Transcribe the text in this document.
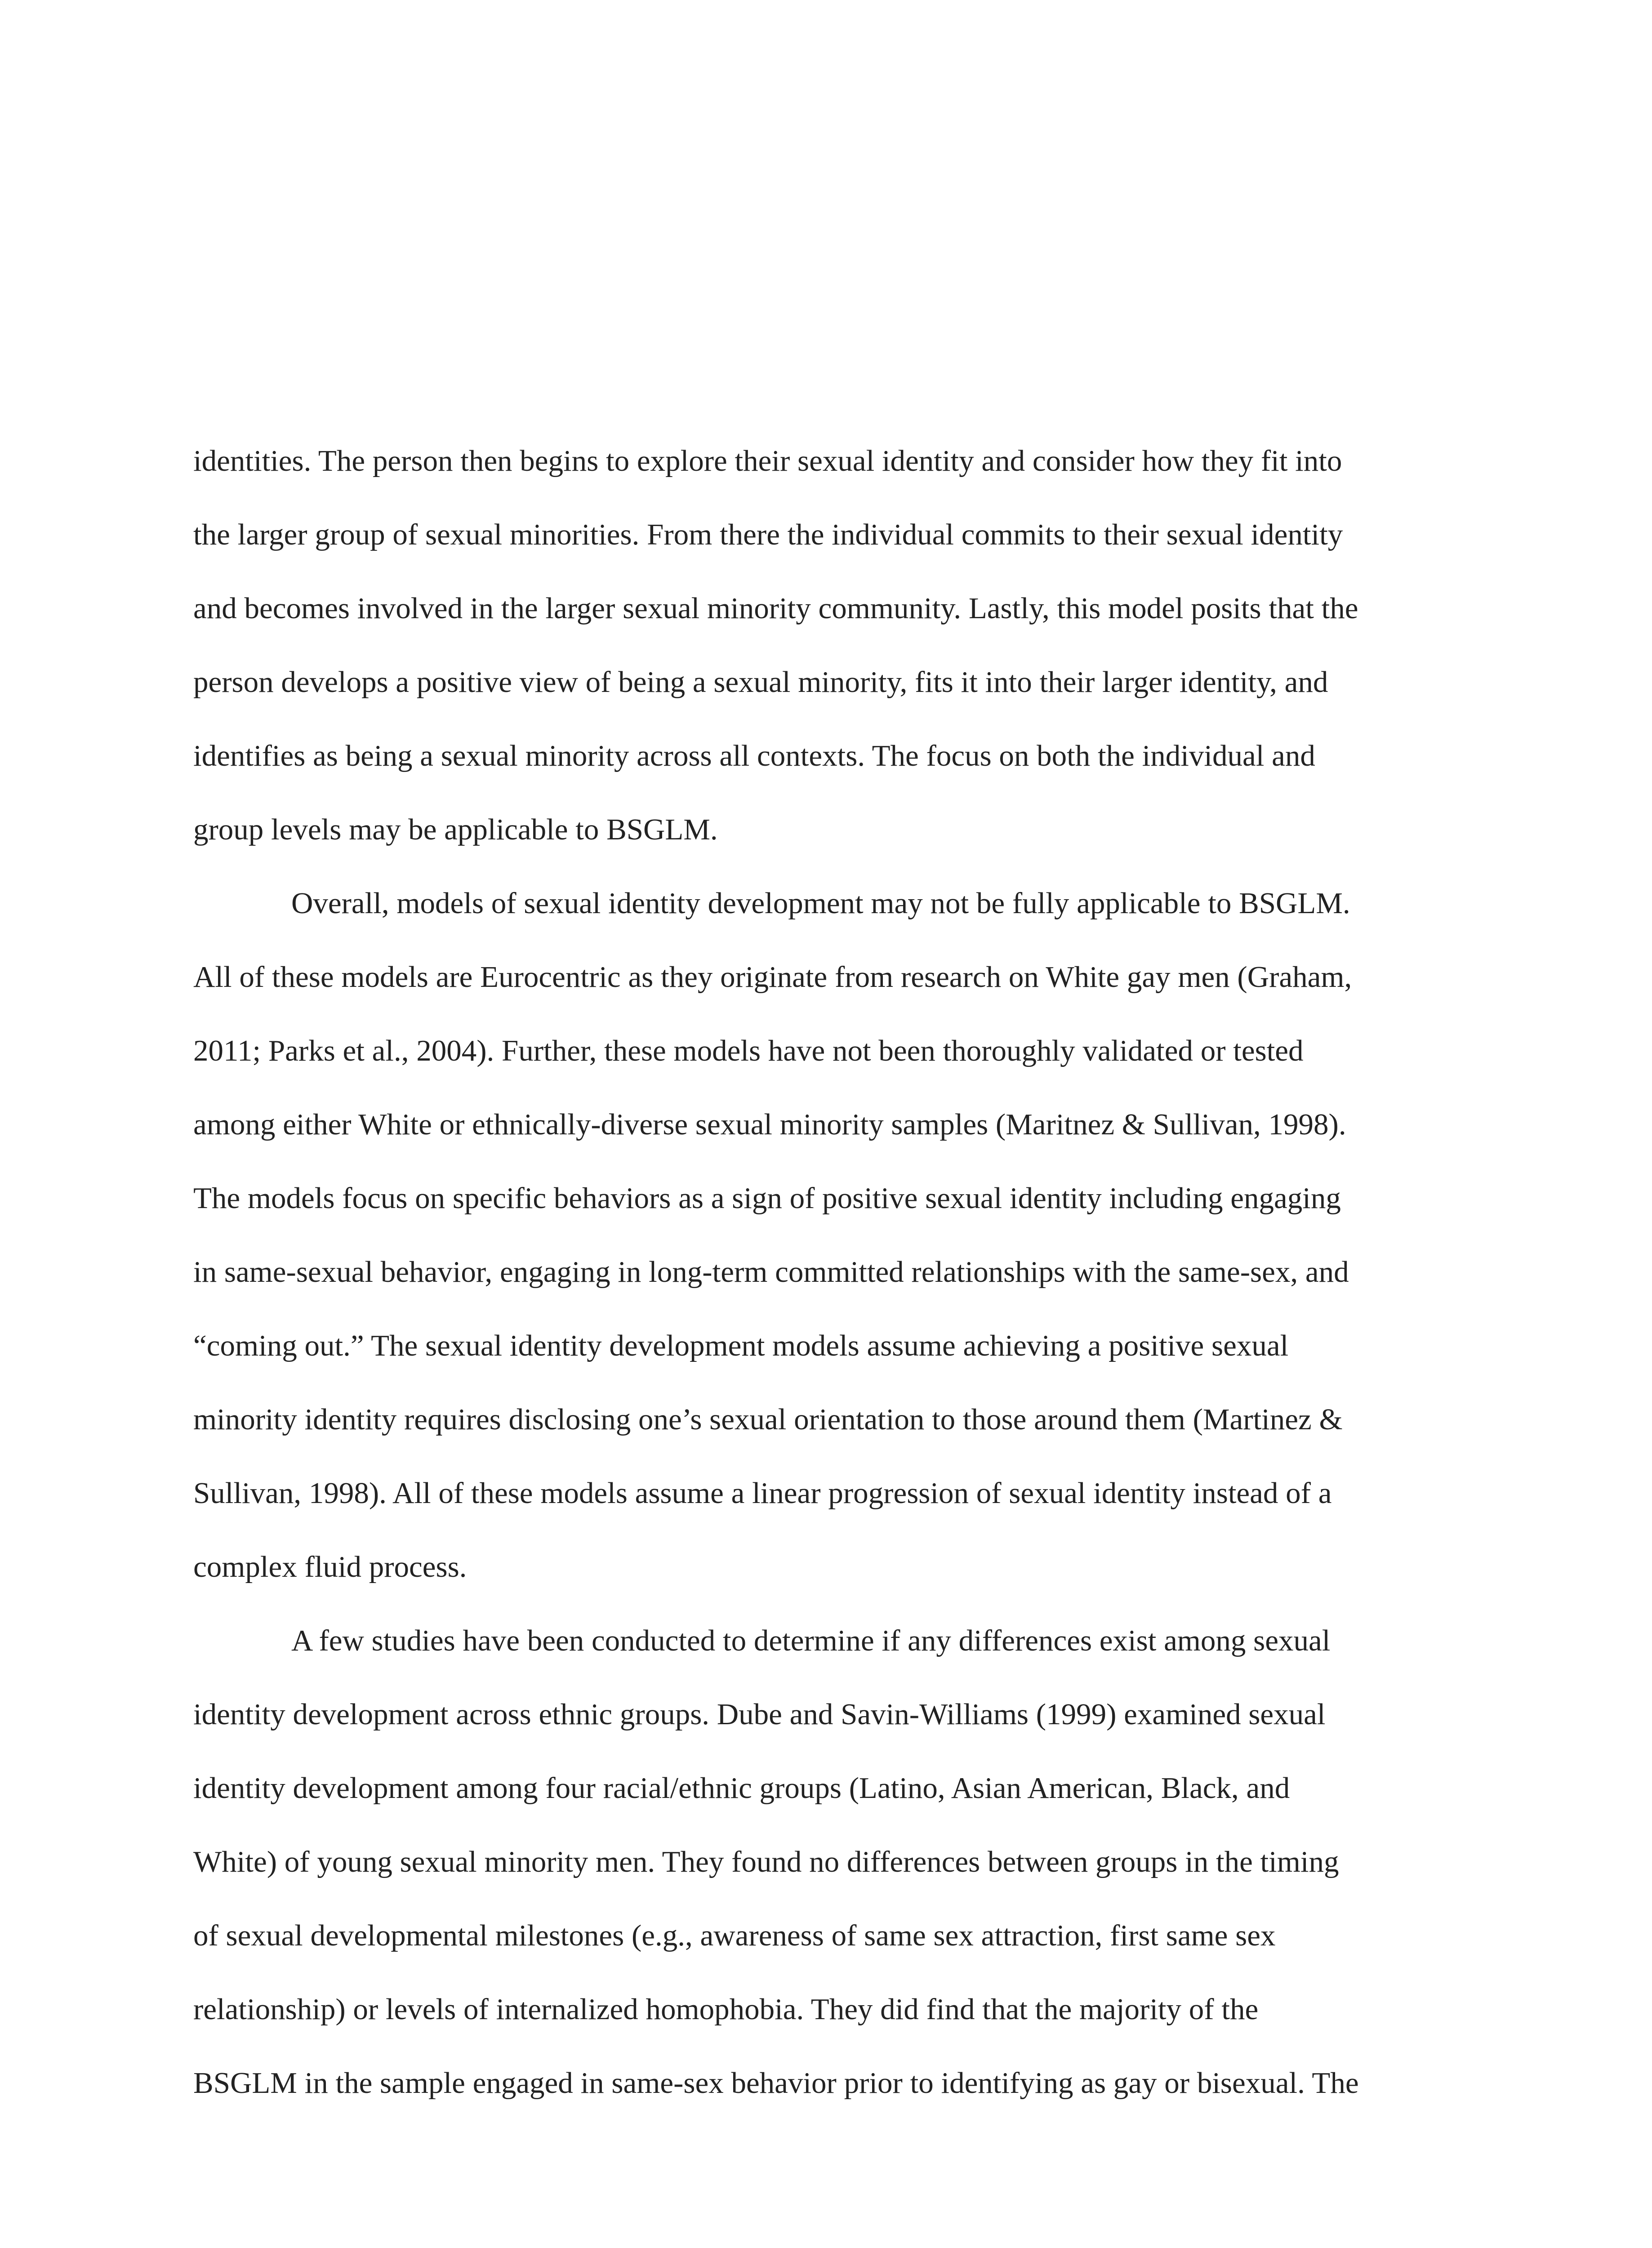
identities. The person then begins to explore their sexual identity and consider how they fit into
the larger group of sexual minorities. From there the individual commits to their sexual identity
and becomes involved in the larger sexual minority community. Lastly, this model posits that the
person develops a positive view of being a sexual minority, fits it into their larger identity, and
identifies as being a sexual minority across all contexts. The focus on both the individual and
group levels may be applicable to BSGLM.
Overall, models of sexual identity development may not be fully applicable to BSGLM.
All of these models are Eurocentric as they originate from research on White gay men (Graham,
2011; Parks et al., 2004). Further, these models have not been thoroughly validated or tested
among either White or ethnically-diverse sexual minority samples (Maritnez & Sullivan, 1998).
The models focus on specific behaviors as a sign of positive sexual identity including engaging
in same-sexual behavior, engaging in long-term committed relationships with the same-sex, and
“coming out.” The sexual identity development models assume achieving a positive sexual
minority identity requires disclosing one’s sexual orientation to those around them (Martinez &
Sullivan, 1998). All of these models assume a linear progression of sexual identity instead of a
complex fluid process.
A few studies have been conducted to determine if any differences exist among sexual
identity development across ethnic groups. Dube and Savin-Williams (1999) examined sexual
identity development among four racial/ethnic groups (Latino, Asian American, Black, and
White) of young sexual minority men. They found no differences between groups in the timing
of sexual developmental milestones (e.g., awareness of same sex attraction, first same sex
relationship) or levels of internalized homophobia. They did find that the majority of the
BSGLM in the sample engaged in same-sex behavior prior to identifying as gay or bisexual. The
